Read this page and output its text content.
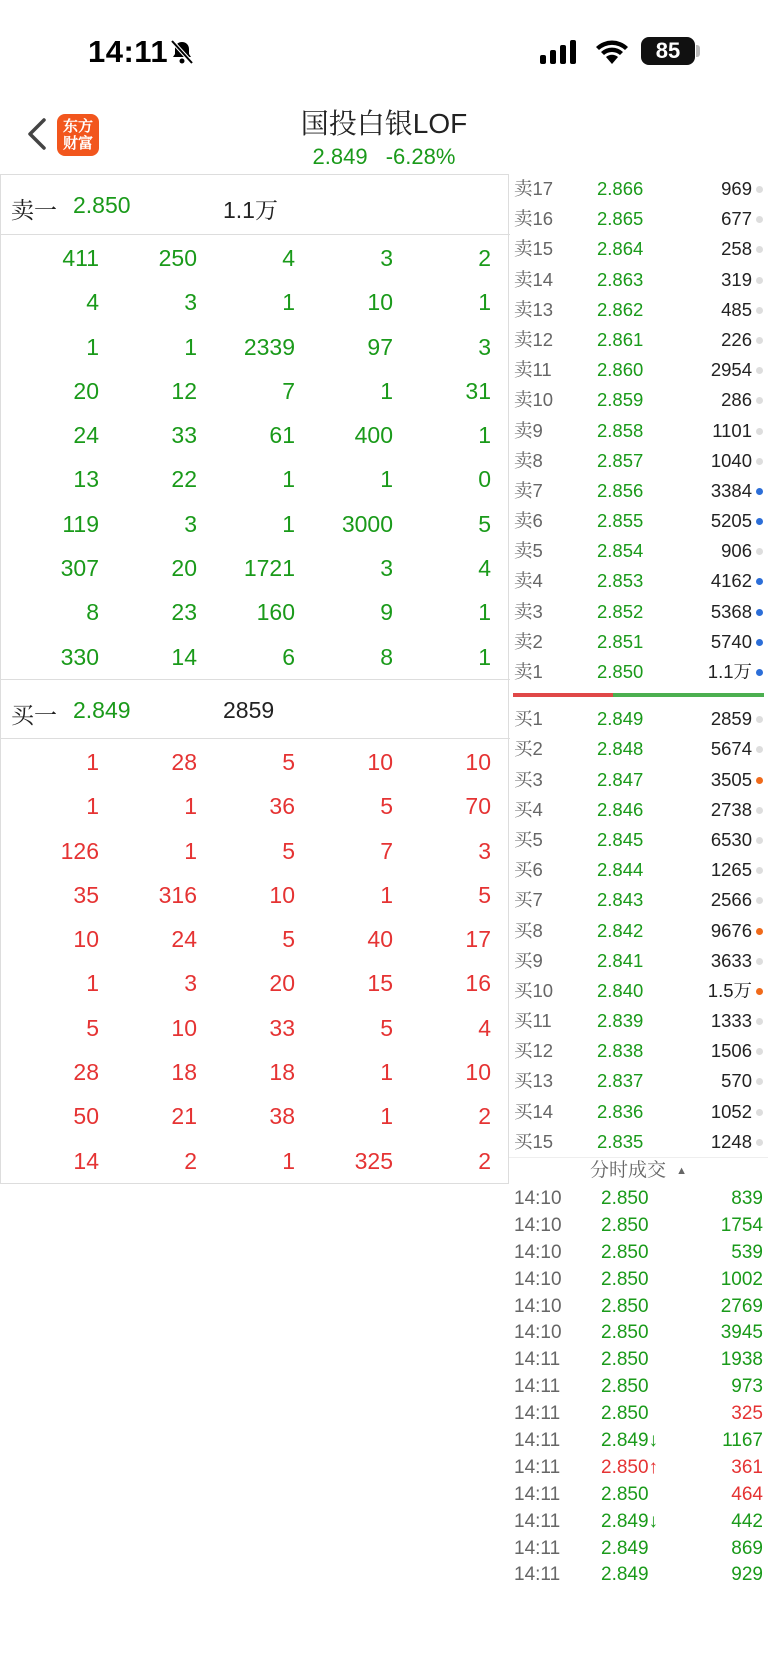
14:11	85
东方
财富
国投白银LOF
2.849 -6.28%
卖一 2.850	1.1万
411	250	4	3	2
4	3	1	10	1
1	1	2339	97	3
20	12	7	1	31
24	33	61	400	1
13	22	1	1	0
119	3	1	3000	5
307	20	1721	3	4
8	23	160	9	1
330	14	6	8	1
买一 2.849	2859
1	28	5	10	10
1	1	36	5	70
126	1	5	7	3
35	316	10	1	5
10	24	5	40	17
1	3	20	15	16
5	10	33	5	4
28	18	18	1	10
50	21	38	1	2
14	2	1	325	2
卖17 2.866	969
卖16 2.865	677
卖15 2.864	258
卖14 2.863	319
卖13 2.862	485
卖12 2.861	226
卖11 2.860	2954
卖10 2.859	286
卖9	2.858	1101
卖8	2.857	1040
卖7	2.856	3384
卖6	2.855	5205
卖5	2.854	906
卖4	2.853	4162
卖3	2.852	5368
卖2	2.851	5740
卖1	2.850	1.1万
买1	2.849	2859
买2	2.848	5674
买3	2.847	3505
买4	2.846	2738
买5	2.845	6530
买6	2.844	1265
买7	2.843	2566
买8	2.842	9676
买9	2.841	3633
买10 2.840	1.5万
买11 2.839	1333
买12 2.838	1506
买13 2.837	570
买14 2.836	1052
买15 2.835	1248
分时成交 ▲
14:10 2.850	839
14:10 2.850	1754
14:10 2.850	539
14:10 2.850	1002
14:10 2.850	2769
14:10 2.850	3945
14:11 2.850	1938
14:11 2.850	973
14:11 2.850	325
14:11 2.849↓	1167
14:11 2.850↑	361
14:11 2.850	464
14:11 2.849↓	442
14:11 2.849	869
14:11 2.849	929
